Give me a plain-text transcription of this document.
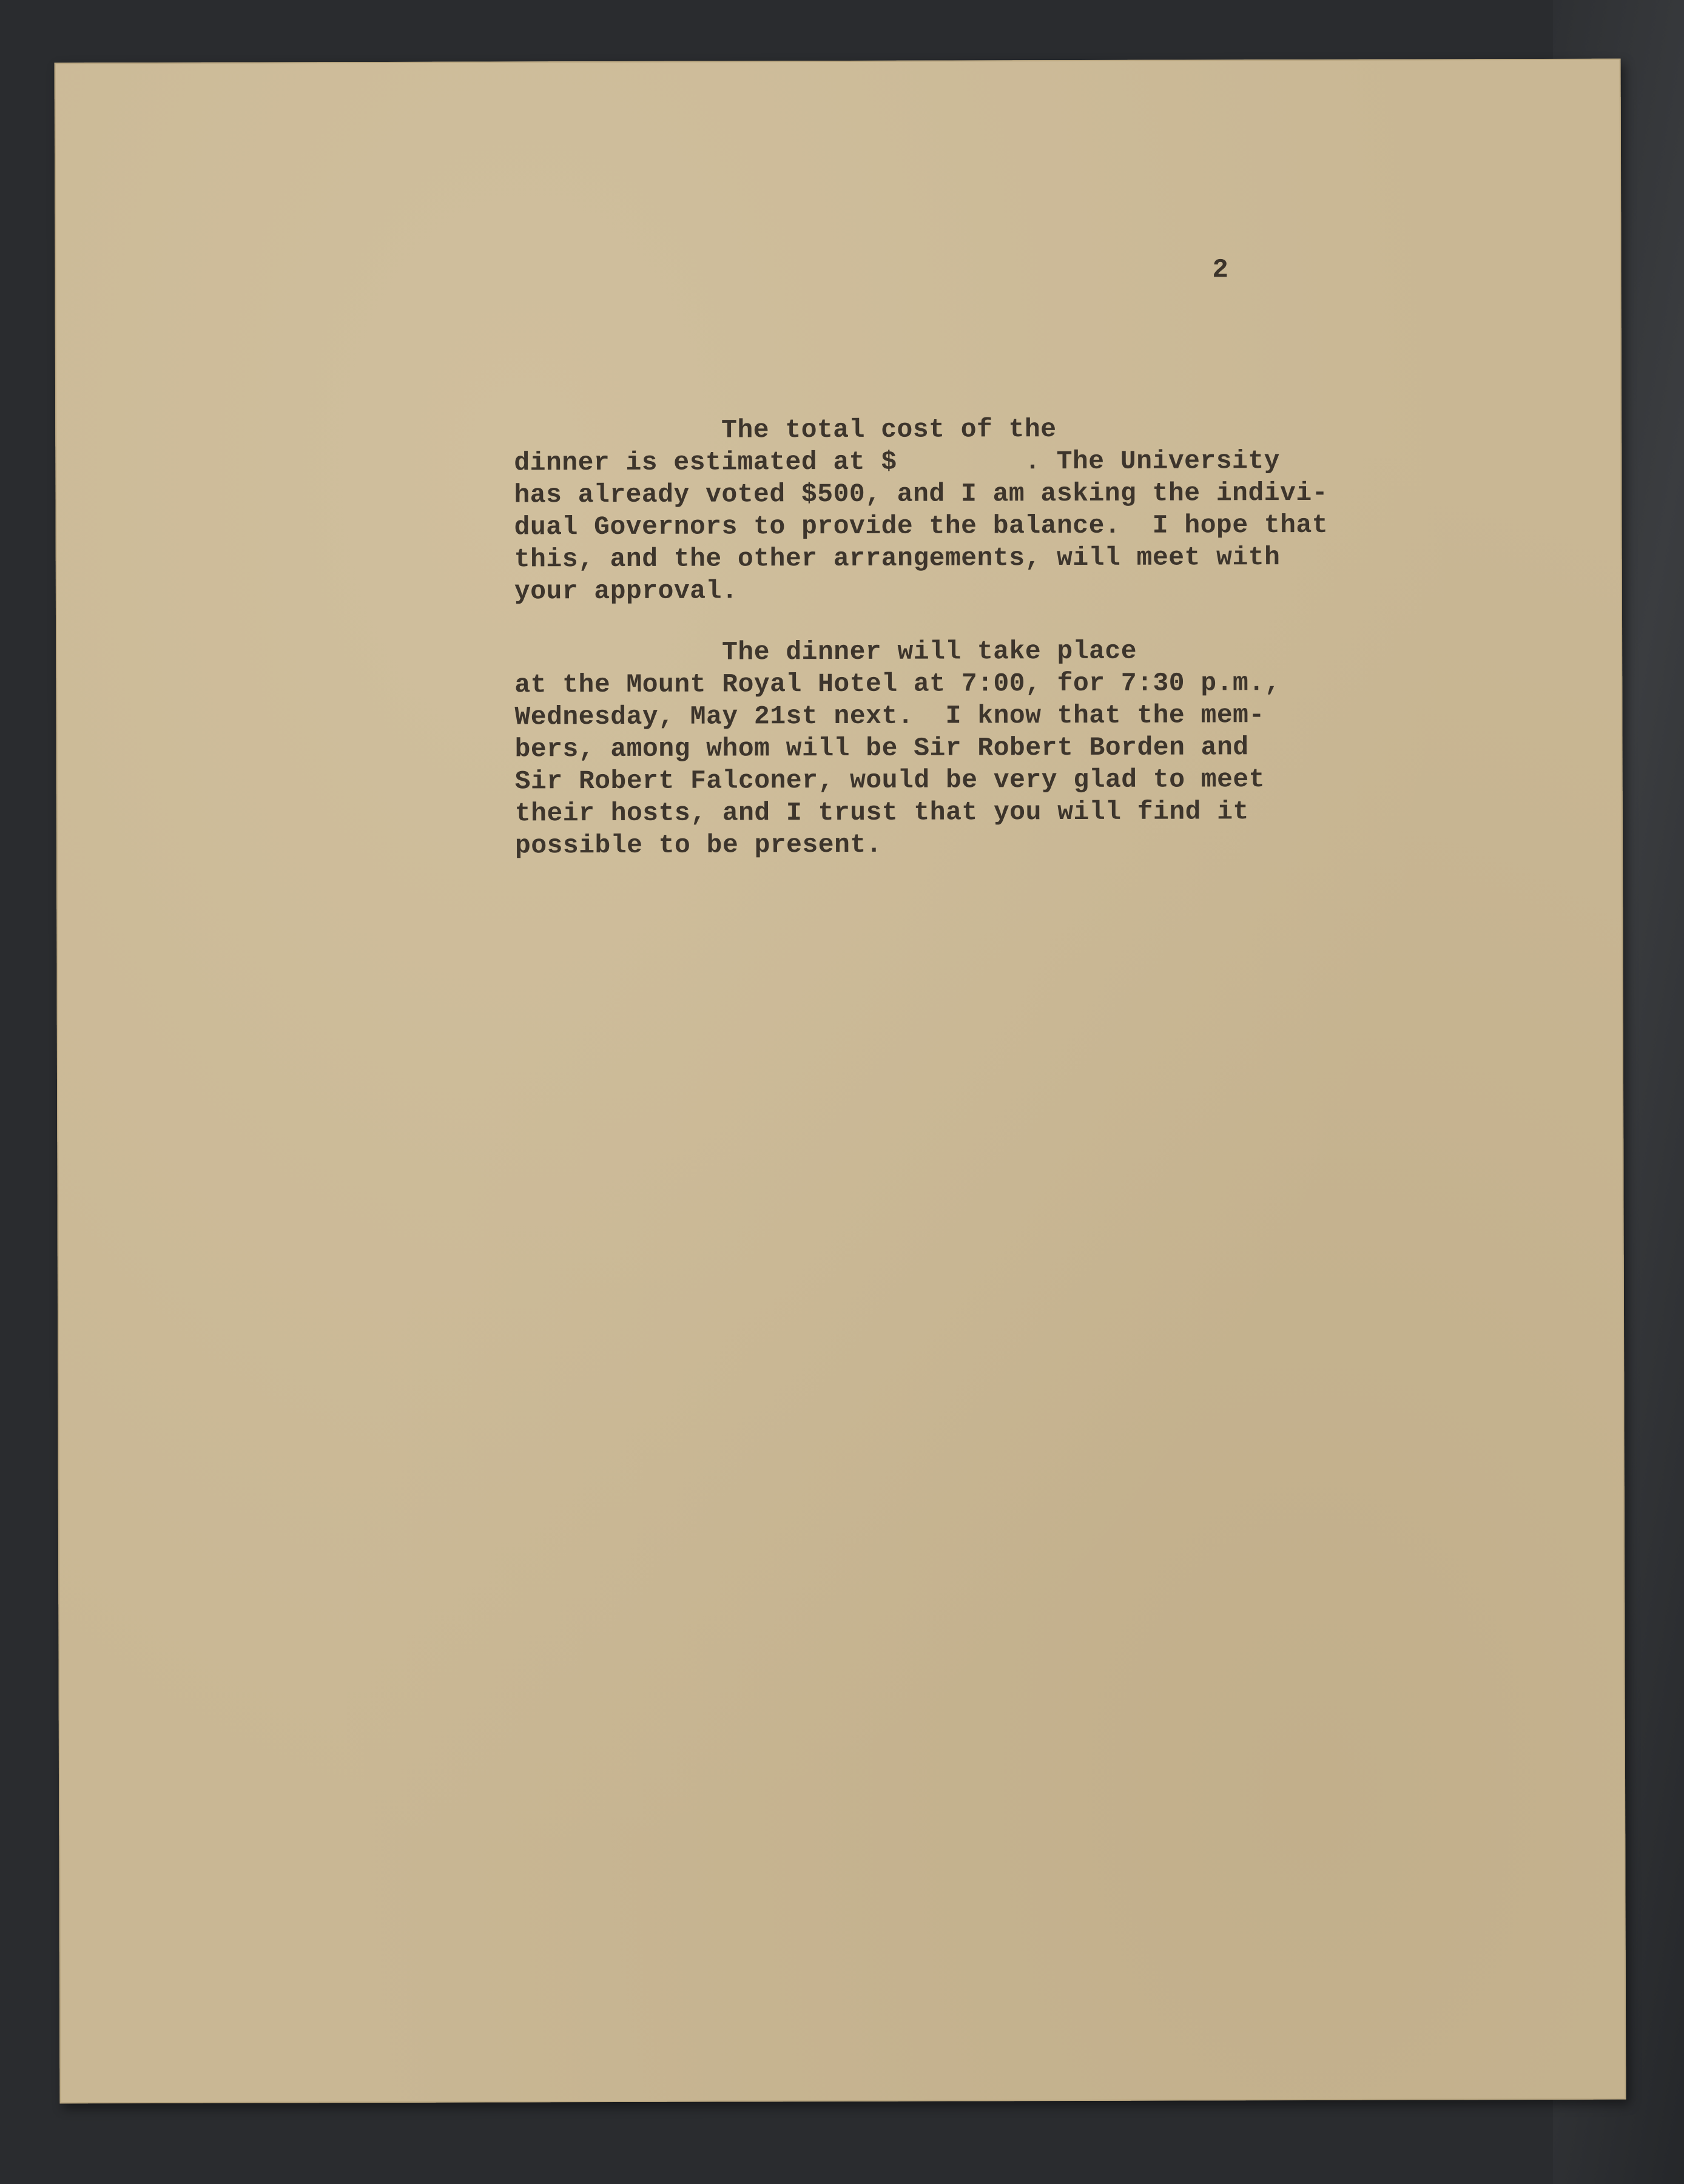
2

The total cost of the
dinner is estimated at $        . The University
has already voted $500, and I am asking the indivi-
dual Governors to provide the balance.  I hope that
this, and the other arrangements, will meet with
your approval.

The dinner will take place
at the Mount Royal Hotel at 7:00, for 7:30 p.m.,
Wednesday, May 21st next.  I know that the mem-
bers, among whom will be Sir Robert Borden and
Sir Robert Falconer, would be very glad to meet
their hosts, and I trust that you will find it
possible to be present.
